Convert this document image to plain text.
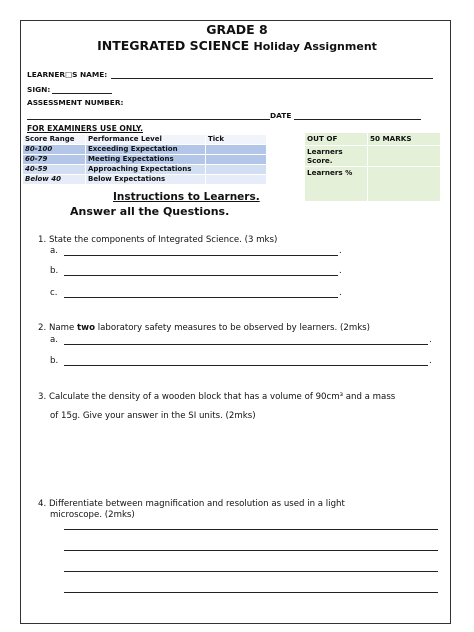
GRADE 8
INTEGRATED SCIENCE Holiday Assignment
LEARNER□S NAME:
SIGN:
ASSESSMENT NUMBER:
DATE
FOR EXAMINERS USE ONLY.
Score Range	Performance Level	Tick
80-100	Exceeding Expectation	
60-79	Meeting Expectations	
40-59	Approaching Expectations	
Below 40	Below Expectations	
OUT OF	50 MARKS
Learners Score.	
Learners %	
Instructions to Learners.
Answer all the Questions.
1. State the components of Integrated Science. (3 mks)
a.	.
b.	.
c.	.
2. Name two laboratory safety measures to be observed by learners. (2mks)
a.	.
b.	.
3. Calculate the density of a wooden block that has a volume of 90cm³ and a mass
of 15g. Give your answer in the SI units. (2mks)
4. Differentiate between magnification and resolution as used in a light
microscope. (2mks)
